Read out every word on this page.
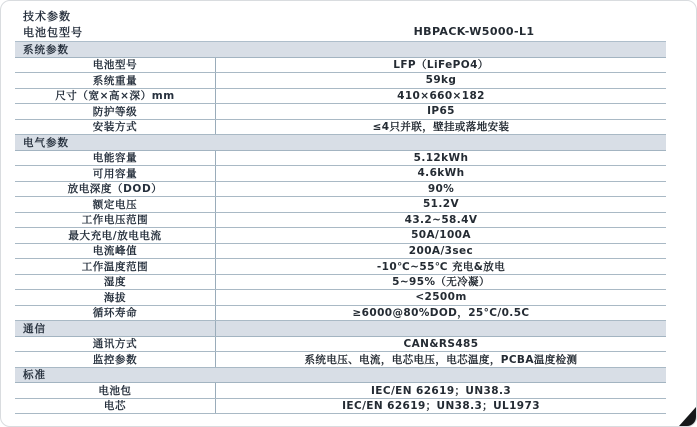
技术参数
电池包型号	HBPACK-W5000-L1
系统参数
电池型号	LFP（LiFePO4）
系统重量	59kg
尺寸（宽×高×深）mm	410×660×182
防护等级	IP65
安装方式	≤4只并联，壁挂或落地安装
电气参数
电能容量	5.12kWh
可用容量	4.6kWh
放电深度（DOD）	90%
额定电压	51.2V
工作电压范围	43.2~58.4V
最大充电/放电电流	50A/100A
电流峰值	200A/3sec
工作温度范围	-10℃~55℃ 充电&放电
湿度	5~95%（无冷凝）
海拔	<2500m
循环寿命	≥6000@80%DOD，25°C/0.5C
通信
通讯方式	CAN&RS485
监控参数	系统电压、电流，电芯电压，电芯温度，PCBA温度检测
标准
电池包	IEC/EN 62619；UN38.3
电芯	IEC/EN 62619；UN38.3；UL1973
